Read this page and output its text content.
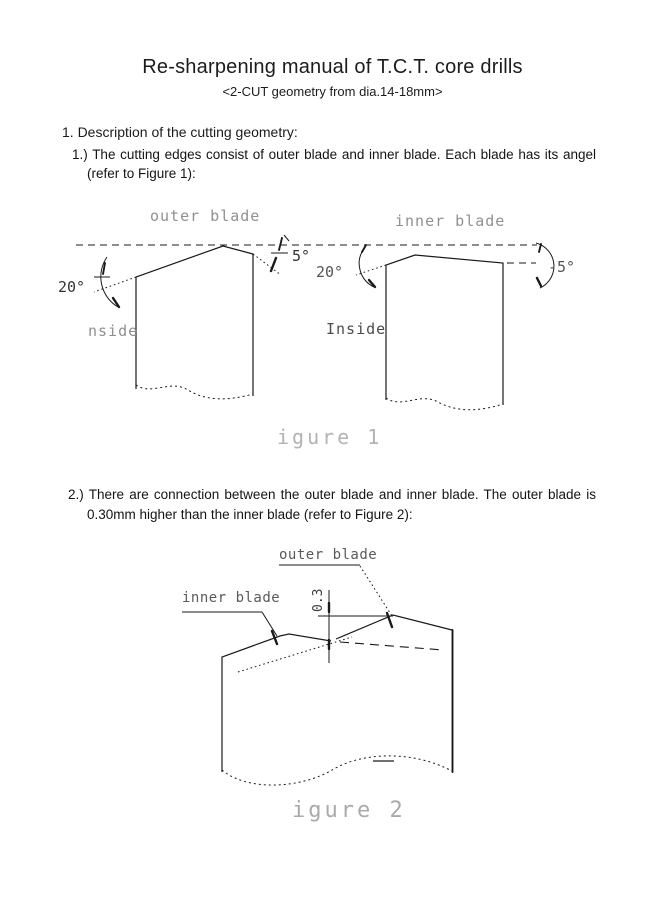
Re-sharpening manual of T.C.T. core drills
<2-CUT geometry from dia.14-18mm>
1. Description of the cutting geometry:
1.) The cutting edges consist of outer blade and inner blade. Each blade has its angel
(refer to Figure 1):
20°
5°
20°	-5°
outer blade	inner blade
nside	Inside
igure 1
2.) There are connection between the outer blade and inner blade. The outer blade is
0.30mm higher than the inner blade (refer to Figure 2):
outer blade
inner blade 0.3
igure 2
